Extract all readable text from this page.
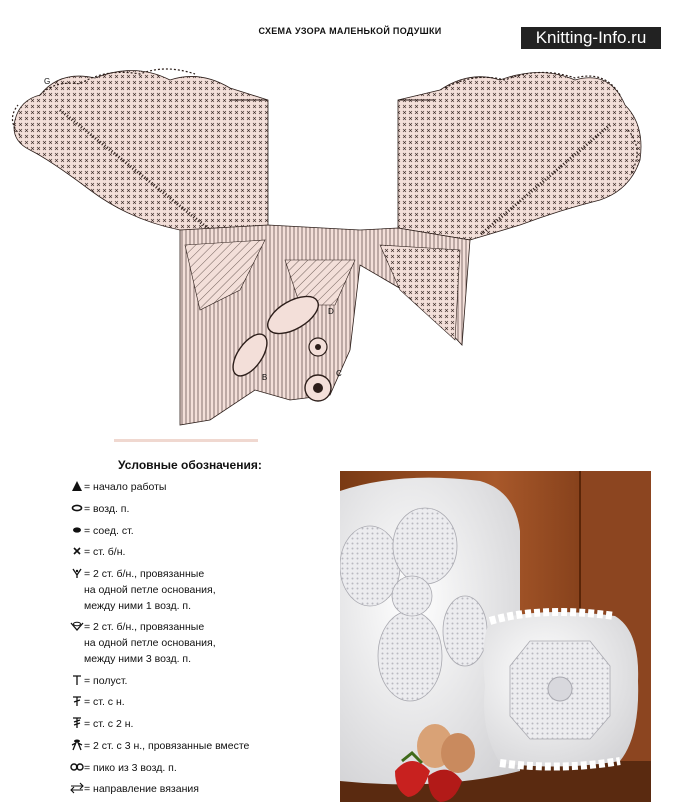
СХЕМА УЗОРА МАЛЕНЬКОЙ ПОДУШКИ	Knitting-Info.ru
G
D
B	C
Условные обозначения:
= начало работы
= возд. п.
= соед. ст.
= ст. б/н.
= 2 ст. б/н., провязанные
на одной петле основания,
между ними 1 возд. п.
= 2 ст. б/н., провязанные
на одной петле основания,
между ними 3 возд. п.
= полуст.
= ст. с н.
= ст. с 2 н.
= 2 ст. с 3 н., провязанные вместе
= пико из 3 возд. п.
= направление вязания
